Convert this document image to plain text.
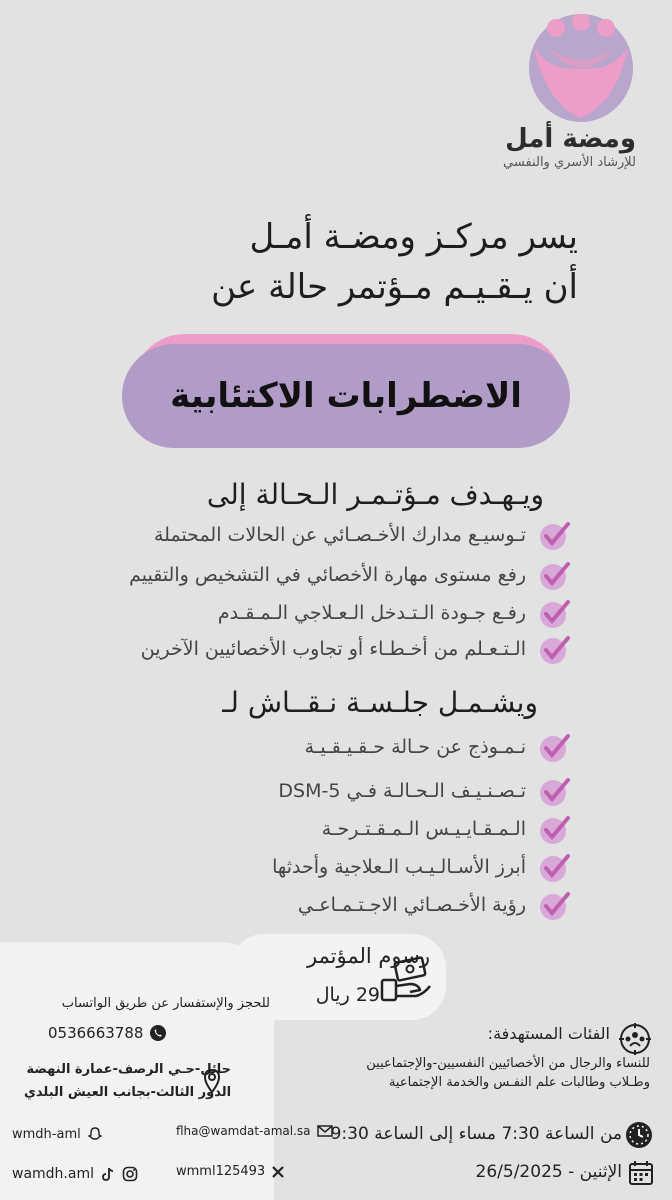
ومضة أمل
للإرشاد الأسري والنفسي
يسر مركـز ومضـة أمـل
أن يـقـيـم مـؤتمر حالة عن
الاضطرابات الاكتئابية
ويـهـدف مـؤتـمـر الـحـالة إلى
تـوسيـع مدارك الأخـصـائي عن الحالات المحتملة
رفع مستوى مهارة الأخصائي في التشخيص والتقييم
رفـع جـودة الـتـدخل الـعـلاجي الـمـقـدم
الـتـعـلم من أخـطـاء أو تجاوب الأخصائيين الآخرين
ويشـمـل جلـسـة نـقــاش لـ
نـمـوذج عن حـالة حـقـيـقـيـة
تـصـنـيـف الـحـالـة فـي DSM-5
الـمـقـايـيـس الـمـقـتـرحـة
أبرز الأسـالـيـب الـعلاجية وأحدثها
رؤية الأخـصـائي الاجـتـمـاعـي
رسوم المؤتمر
29 ريال
للحجز والإستفسار عن طريق الواتساب
0536663788
حائل-حـي الرصف-عمارة النهضة
الدور الثالث-بجانب العيش البلدي
wmdh-aml
wamdh.aml
flha@wamdat-amal.sa
wmml125493
الفئات المستهدفة:
للنساء والرجال من الأخصائيين النفسيين-والإجتماعيين
وطـلاب وطالبات علم النفـس والخدمة الإجتماعية
من الساعة 7:30 مساء إلى الساعة 9:30
الإثنين - 26/5/2025
